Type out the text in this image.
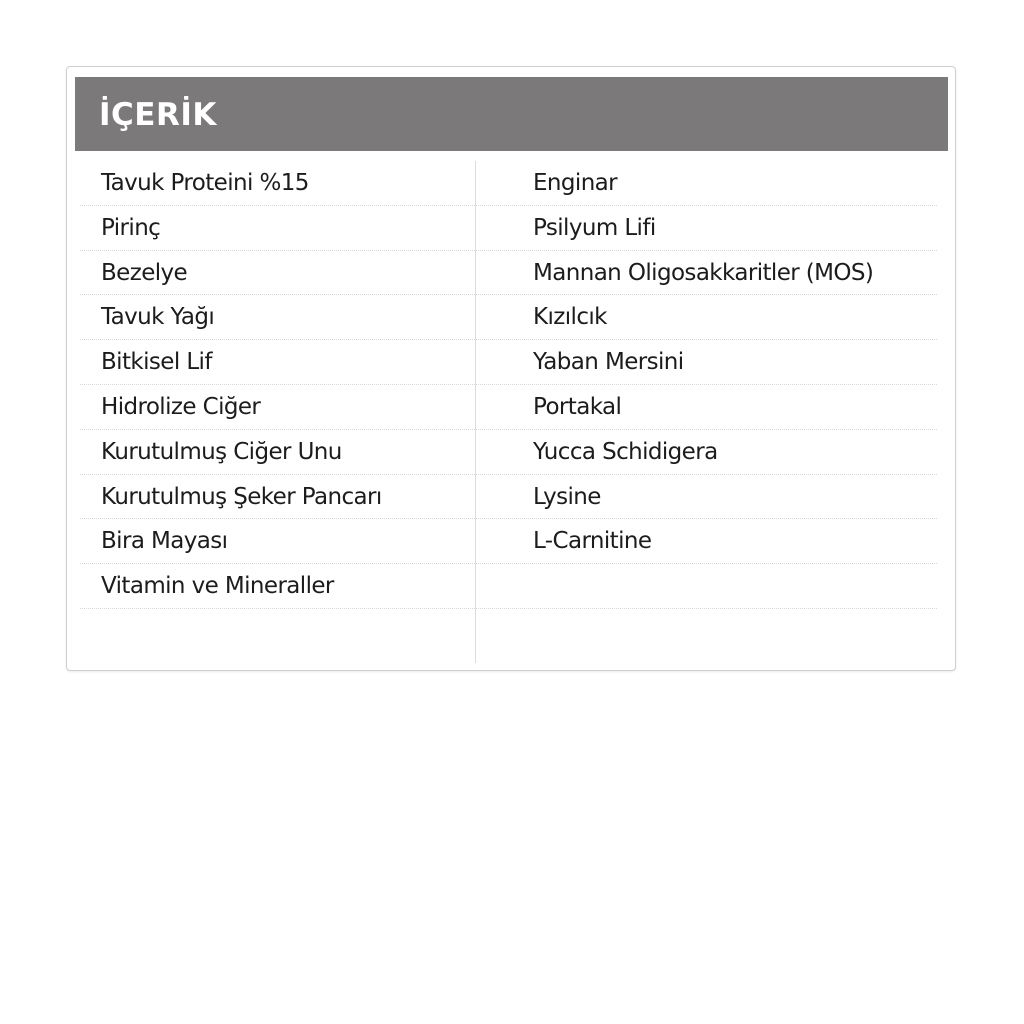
İÇERİK
Tavuk Proteini %15
Pirinç
Bezelye
Tavuk Yağı
Bitkisel Lif
Hidrolize Ciğer
Kurutulmuş Ciğer Unu
Kurutulmuş Şeker Pancarı
Bira Mayası
Vitamin ve Mineraller
Enginar
Psilyum Lifi
Mannan Oligosakkaritler (MOS)
Kızılcık
Yaban Mersini
Portakal
Yucca Schidigera
Lysine
L-Carnitine
